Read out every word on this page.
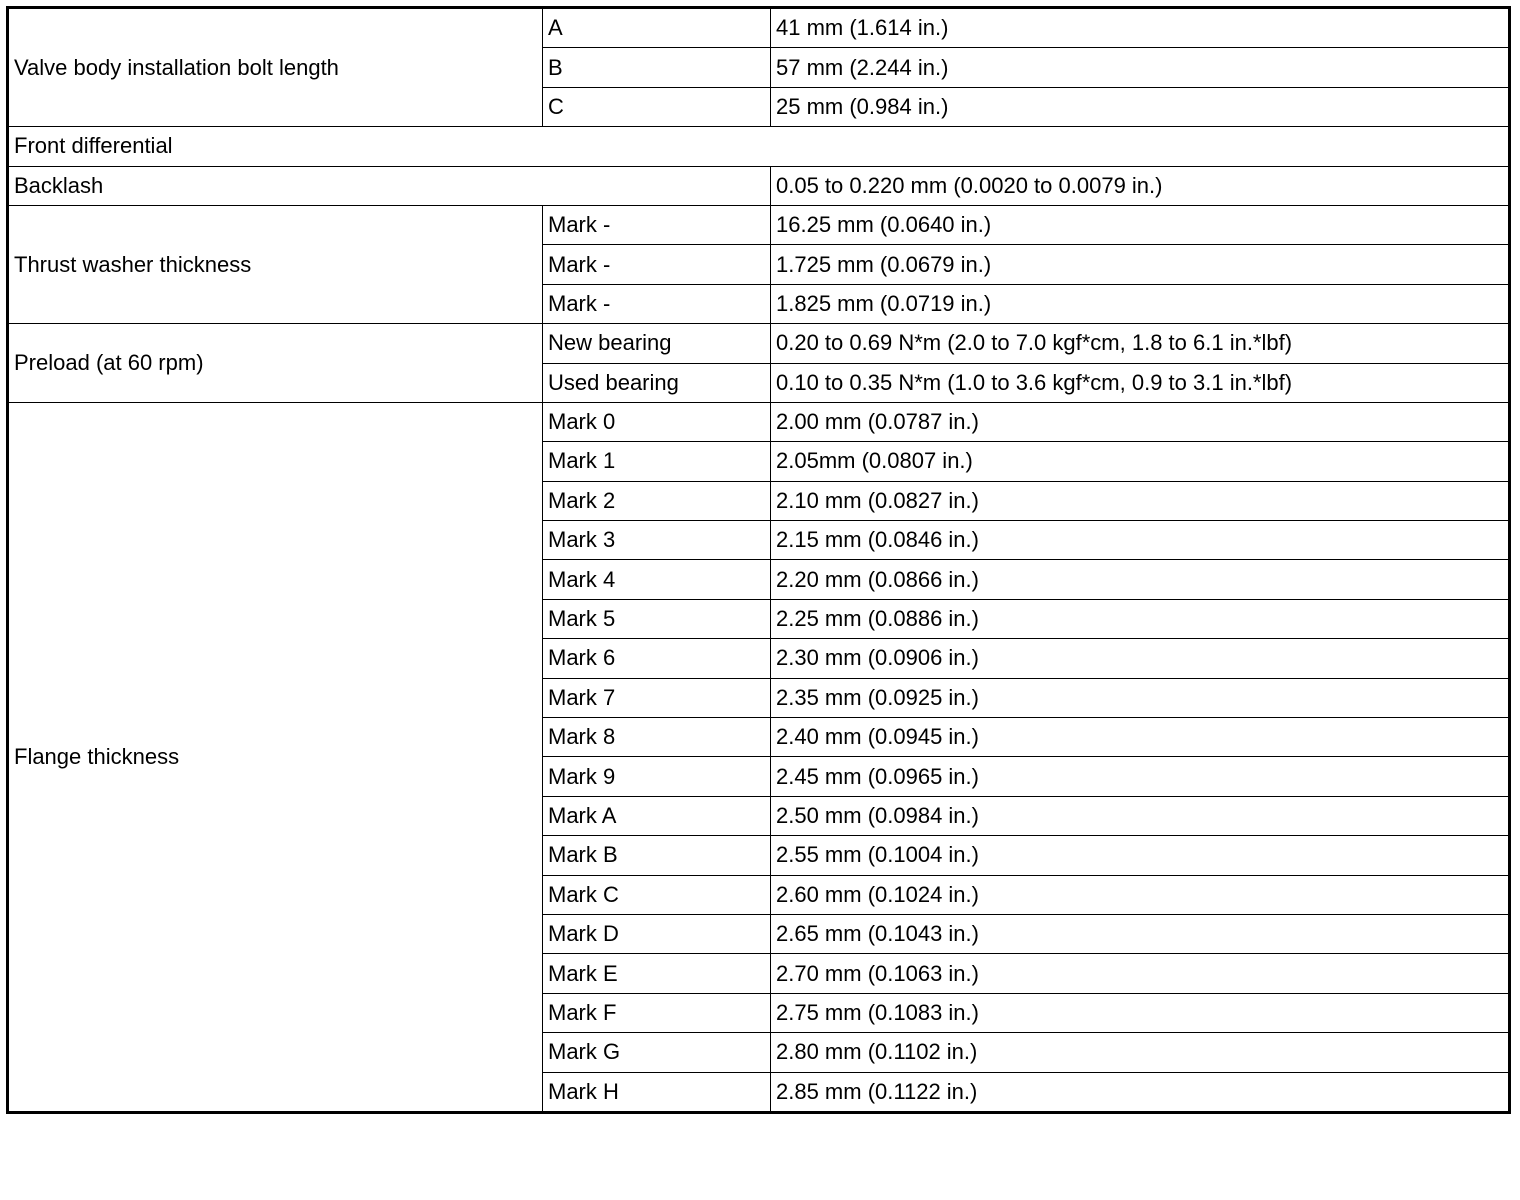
Valve body installation bolt length	A	41 mm (1.614 in.)
	B	57 mm (2.244 in.)
	C	25 mm (0.984 in.)
Front differential		
Backlash		0.05 to 0.220 mm (0.0020 to 0.0079 in.)
Thrust washer thickness	Mark -	16.25 mm (0.0640 in.)
	Mark -	1.725 mm (0.0679 in.)
	Mark -	1.825 mm (0.0719 in.)
Preload (at 60 rpm)	New bearing	0.20 to 0.69 N*m (2.0 to 7.0 kgf*cm, 1.8 to 6.1 in.*lbf)
	Used bearing	0.10 to 0.35 N*m (1.0 to 3.6 kgf*cm, 0.9 to 3.1 in.*lbf)
Flange thickness	Mark 0	2.00 mm (0.0787 in.)
	Mark 1	2.05mm (0.0807 in.)
	Mark 2	2.10 mm (0.0827 in.)
	Mark 3	2.15 mm (0.0846 in.)
	Mark 4	2.20 mm (0.0866 in.)
	Mark 5	2.25 mm (0.0886 in.)
	Mark 6	2.30 mm (0.0906 in.)
	Mark 7	2.35 mm (0.0925 in.)
	Mark 8	2.40 mm (0.0945 in.)
	Mark 9	2.45 mm (0.0965 in.)
	Mark A	2.50 mm (0.0984 in.)
	Mark B	2.55 mm (0.1004 in.)
	Mark C	2.60 mm (0.1024 in.)
	Mark D	2.65 mm (0.1043 in.)
	Mark E	2.70 mm (0.1063 in.)
	Mark F	2.75 mm (0.1083 in.)
	Mark G	2.80 mm (0.1102 in.)
	Mark H	2.85 mm (0.1122 in.)
